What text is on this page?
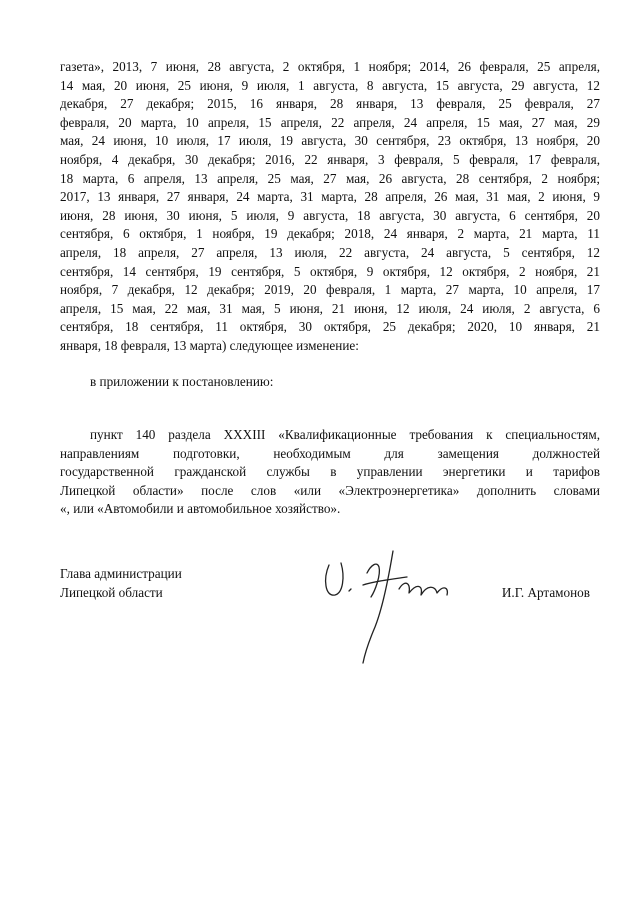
газета», 2013, 7 июня, 28 августа, 2 октября, 1 ноября; 2014, 26 февраля, 25 апреля,
14 мая, 20 июня, 25 июня, 9 июля, 1 августа, 8 августа, 15 августа, 29 августа, 12
декабря, 27 декабря; 2015, 16 января, 28 января, 13 февраля, 25 февраля, 27
февраля, 20 марта, 10 апреля, 15 апреля, 22 апреля, 24 апреля, 15 мая, 27 мая, 29
мая, 24 июня, 10 июля, 17 июля, 19 августа, 30 сентября, 23 октября, 13 ноября, 20
ноября, 4 декабря, 30 декабря; 2016, 22 января, 3 февраля, 5 февраля, 17 февраля,
18 марта, 6 апреля, 13 апреля, 25 мая, 27 мая, 26 августа, 28 сентября, 2 ноября;
2017, 13 января, 27 января, 24 марта, 31 марта, 28 апреля, 26 мая, 31 мая, 2 июня, 9
июня, 28 июня, 30 июня, 5 июля, 9 августа, 18 августа, 30 августа, 6 сентября, 20
сентября, 6 октября, 1 ноября, 19 декабря; 2018, 24 января, 2 марта, 21 марта, 11
апреля, 18 апреля, 27 апреля, 13 июля, 22 августа, 24 августа, 5 сентября, 12
сентября, 14 сентября, 19 сентября, 5 октября, 9 октября, 12 октября, 2 ноября, 21
ноября, 7 декабря, 12 декабря; 2019, 20 февраля, 1 марта, 27 марта, 10 апреля, 17
апреля, 15 мая, 22 мая, 31 мая, 5 июня, 21 июня, 12 июля, 24 июля, 2 августа, 6
сентября, 18 сентября, 11 октября, 30 октября, 25 декабря; 2020, 10 января, 21
января, 18 февраля, 13 марта) следующее изменение:
в приложении к постановлению:
пункт 140 раздела XXXIII «Квалификационные требования к специальностям,
направлениям подготовки, необходимым для замещения должностей
государственной гражданской службы в управлении энергетики и тарифов
Липецкой области» после слов «или «Электроэнергетика» дополнить словами
«, или «Автомобили и автомобильное хозяйство».
Глава администрации
Липецкой области	И.Г. Артамонов
